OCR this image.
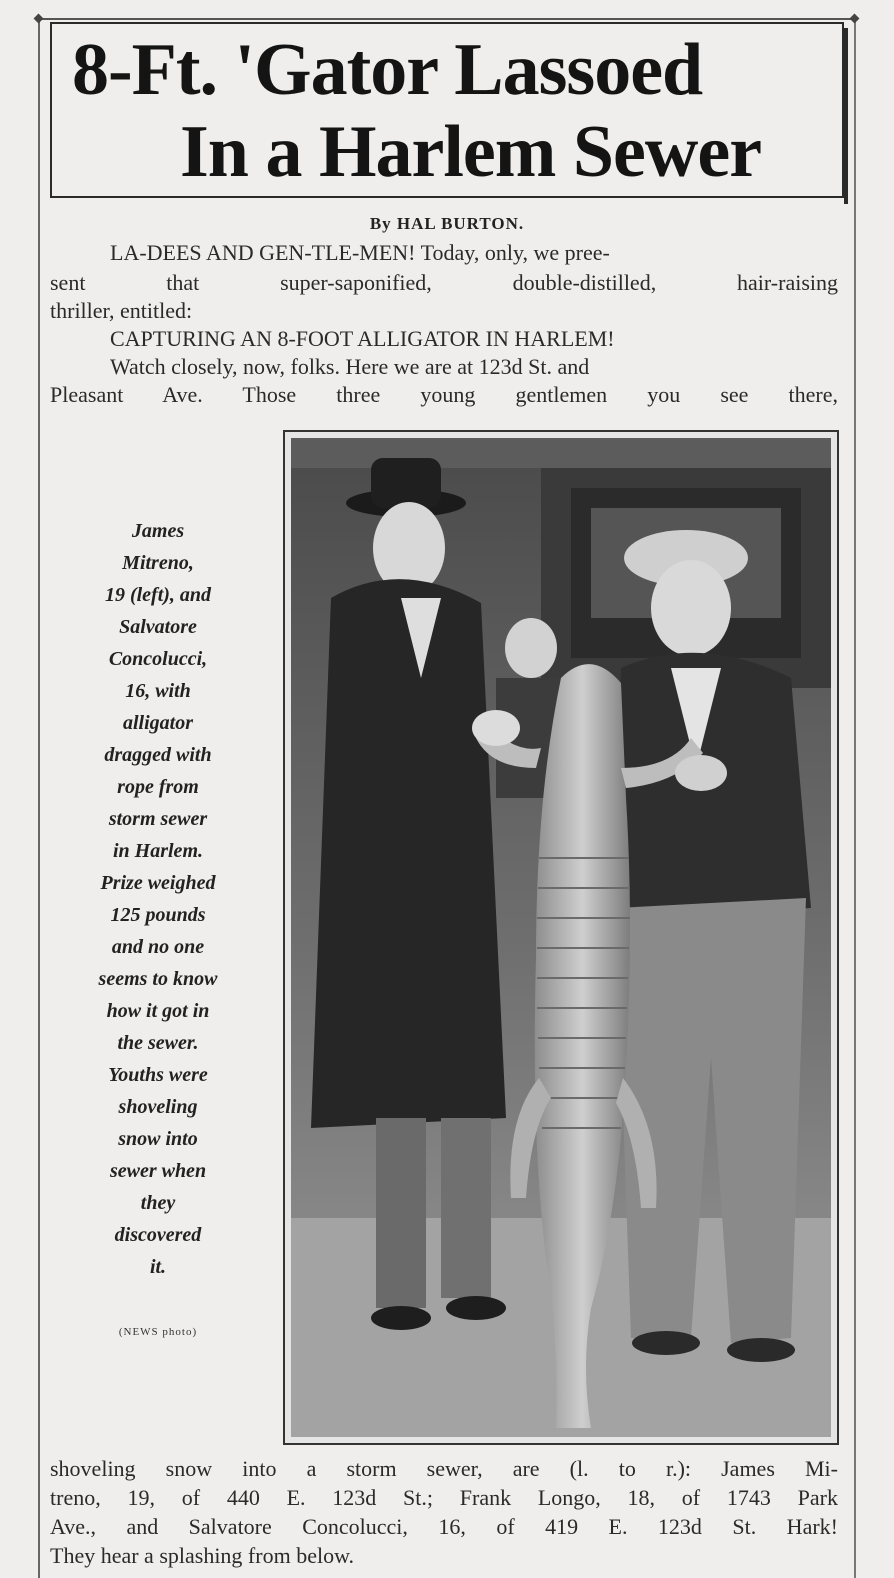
8-Ft. 'Gator Lassoed
In a Harlem Sewer
By HAL BURTON.
LA-DEES AND GEN-TLE-MEN! Today, only, we pree-
sent that super-saponified, double-distilled, hair-raising
thriller, entitled:
CAPTURING AN 8-FOOT ALLIGATOR IN HARLEM!
Watch closely, now, folks. Here we are at 123d St. and
Pleasant Ave. Those three young gentlemen you see there,
James
Mitreno,
19 (left), and
Salvatore
Concolucci,
16, with
alligator
dragged with
rope from
storm sewer
in Harlem.
Prize weighed
125 pounds
and no one
seems to know
how it got in
the sewer.
Youths were
shoveling
snow into
sewer when
they
discovered
it.
(NEWS photo)
shoveling snow into a storm sewer, are (l. to r.): James Mi-
treno, 19, of 440 E. 123d St.; Frank Longo, 18, of 1743 Park
Ave., and Salvatore Concolucci, 16, of 419 E. 123d St. Hark!
They hear a splashing from below.
